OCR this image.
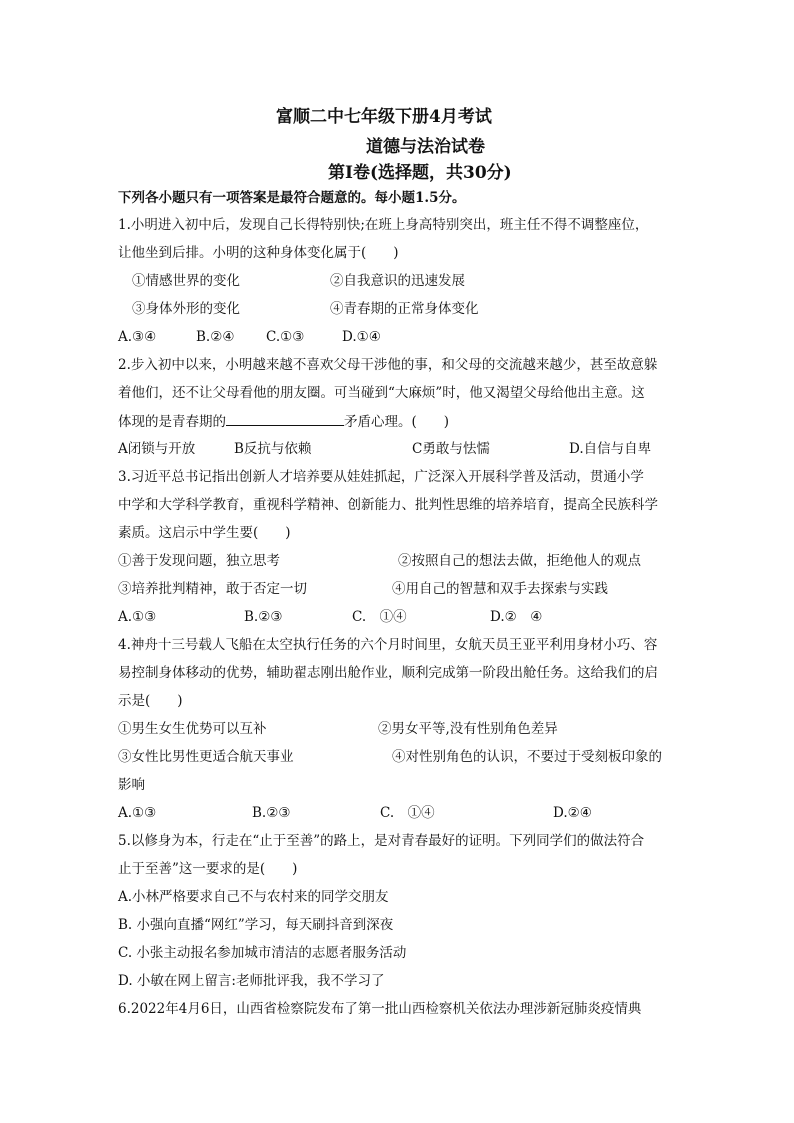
富顺二中七年级下册4月考试
道德与法治试卷
第Ⅰ卷(选择题，共30分)
下列各小题只有一项答案是最符合题意的。每小题1.5分。
1.小明进入初中后，发现自己长得特别快;在班上身高特别突出，班主任不得不调整座位，
让他坐到后排。小明的这种身体变化属于(　　)
①情感世界的变化	②自我意识的迅速发展
③身体外形的变化	④青春期的正常身体变化
A.③④	B.②④ C.①③	D.①④
2.步入初中以来，小明越来越不喜欢父母干涉他的事，和父母的交流越来越少，甚至故意躲
着他们，还不让父母看他的朋友圈。可当碰到“大麻烦”时，他又渴望父母给他出主意。这
体现的是青春期的	矛盾心理。(　　)
A闭锁与开放	B反抗与依赖	C勇敢与怯懦	D.自信与自卑
3.习近平总书记指出创新人才培养要从娃娃抓起，广泛深入开展科学普及活动，贯通小学
中学和大学科学教育，重视科学精神、创新能力、批判性思维的培养培育，提高全民族科学
素质。这启示中学生要(　　)
①善于发现问题，独立思考	②按照自己的想法去做，拒绝他人的观点
③培养批判精神，敢于否定一切	④用自己的智慧和双手去探索与实践
A.①③	B.②③	C.　①④	D.②　④
4.神舟十三号载人飞船在太空执行任务的六个月时间里，女航天员王亚平利用身材小巧、容
易控制身体移动的优势，辅助翟志刚出舱作业，顺利完成第一阶段出舱任务。这给我们的启
示是(　　)
①男生女生优势可以互补	②男女平等,没有性别角色差异
③女性比男性更适合航天事业	④对性别角色的认识，不要过于受刻板印象的
影响
A.①③	B.②③	C.　①④	D.②④
5.以修身为本，行走在“止于至善”的路上，是对青春最好的证明。下列同学们的做法符合
止于至善”这一要求的是(　　)
A.小林严格要求自己不与农村来的同学交朋友
B. 小强向直播“网红”学习，每天刷抖音到深夜
C. 小张主动报名参加城市清洁的志愿者服务活动
D. 小敏在网上留言:老师批评我，我不学习了
6.2022年4月6日，山西省检察院发布了第一批山西检察机关依法办理涉新冠肺炎疫情典
